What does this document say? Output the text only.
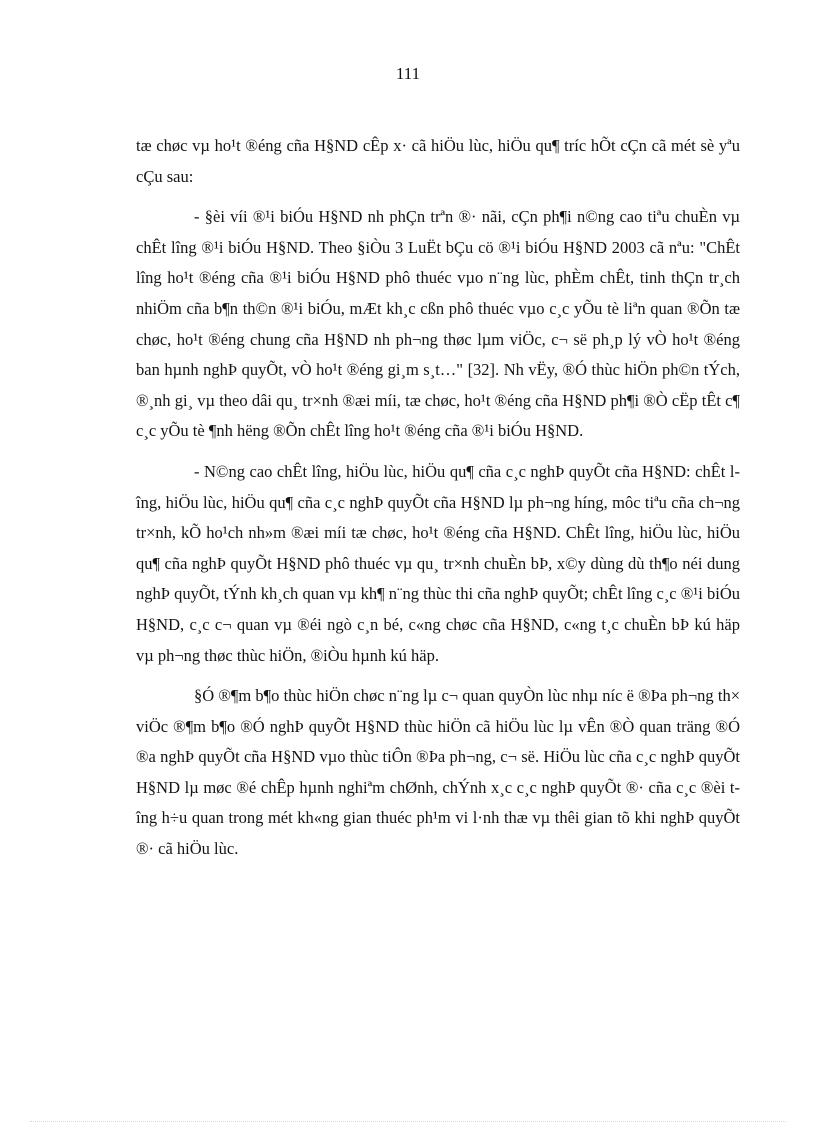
111

tæ chøc vµ ho¹t ®éng cña H§ND cÊp x· cã hiÖu lùc, hiÖu qu¶ tríc hÕt cÇn cã mét sè yªu cÇu sau:

- §èi víi ®¹i biÓu H§ND nh phÇn trªn ®· nãi, cÇn ph¶i n©ng cao tiªu chuÈn vµ chÊt lîng ®¹i biÓu H§ND. Theo §iÒu 3 LuËt bÇu cö ®¹i biÓu H§ND 2003 cã nªu: "ChÊt lîng ho¹t ®éng cña ®¹i biÓu H§ND phô thuéc vµo n¨ng lùc, phÈm chÊt, tinh thÇn tr¸ch nhiÖm cña b¶n th©n ®¹i biÓu, mÆt kh¸c cßn phô thuéc vµo c¸c yÕu tè liªn quan ®Õn tæ chøc, ho¹t ®éng chung cña H§ND nh ph¬ng thøc lµm viÖc, c¬ së ph¸p lý vÒ ho¹t ®éng ban hµnh nghÞ quyÕt, vÒ ho¹t ®éng gi¸m s¸t…" [32]. Nh vËy, ®Ó thùc hiÖn ph©n tÝch, ®¸nh gi¸ vµ theo dâi qu¸ tr×nh ®æi míi, tæ chøc, ho¹t ®éng cña H§ND ph¶i ®Ò cËp tÊt c¶ c¸c yÕu tè ¶nh hëng ®Õn chÊt lîng ho¹t ®éng cña ®¹i biÓu H§ND.

- N©ng cao chÊt lîng, hiÖu lùc, hiÖu qu¶ cña c¸c nghÞ quyÕt cña H§ND: chÊt lîng, hiÖu lùc, hiÖu qu¶ cña c¸c nghÞ quyÕt cña H§ND lµ ph¬ng híng, môc tiªu cña ch¬ng tr×nh, kÕ ho¹ch nh»m ®æi míi tæ chøc, ho¹t ®éng cña H§ND. ChÊt lîng, hiÖu lùc, hiÖu qu¶ cña nghÞ quyÕt H§ND phô thuéc vµ qu¸ tr×nh chuÈn bÞ, x©y dùng dù th¶o néi dung nghÞ quyÕt, tÝnh kh¸ch quan vµ kh¶ n¨ng thùc thi cña nghÞ quyÕt; chÊt lîng c¸c ®¹i biÓu H§ND, c¸c c¬ quan vµ ®éi ngò c¸n bé, c«ng chøc cña H§ND, c«ng t¸c chuÈn bÞ kú häp vµ ph¬ng thøc thùc hiÖn, ®iÒu hµnh kú häp.

§Ó ®¶m b¶o thùc hiÖn chøc n¨ng lµ c¬ quan quyÒn lùc nhµ níc ë ®Þa ph¬ng th× viÖc ®¶m b¶o ®Ó nghÞ quyÕt H§ND thùc hiÖn cã hiÖu lùc lµ vÊn ®Ò quan träng ®Ó ®a nghÞ quyÕt cña H§ND vµo thùc tiÔn ®Þa ph¬ng, c¬ së. HiÖu lùc cña c¸c nghÞ quyÕt H§ND lµ møc ®é chÊp hµnh nghiªm chØnh, chÝnh x¸c c¸c nghÞ quyÕt ®· cña c¸c ®èi tîng h÷u quan trong mét kh«ng gian thuéc ph¹m vi l·nh thæ vµ thêi gian tõ khi nghÞ quyÕt ®· cã hiÖu lùc.
